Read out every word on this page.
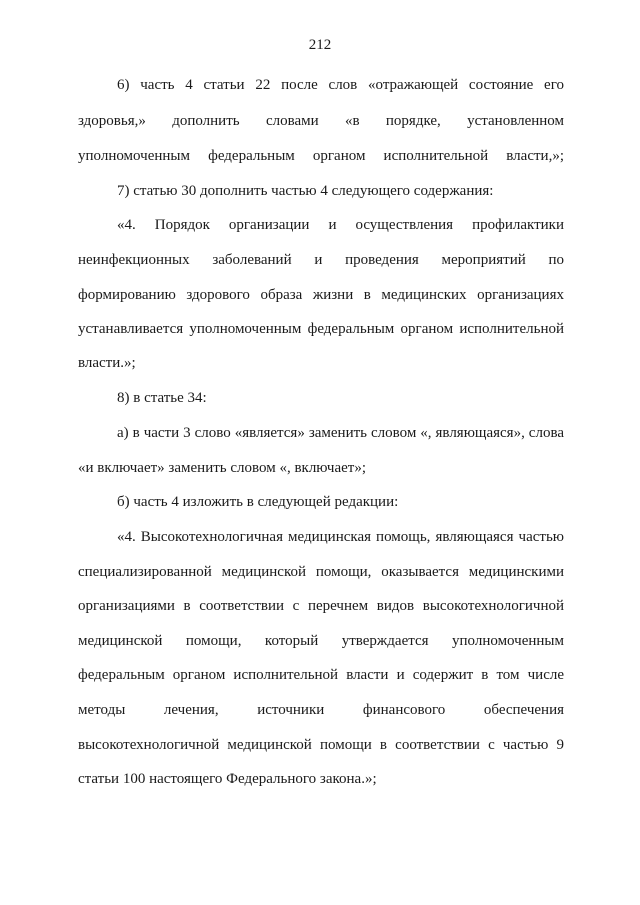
212
6) часть 4 статьи 22 после слов «отражающей состояние его
здоровья,» дополнить словами «в порядке, установленном
уполномоченным федеральным органом исполнительной власти,»;
7) статью 30 дополнить частью 4 следующего содержания:
«4. Порядок организации и осуществления профилактики
неинфекционных заболеваний и проведения мероприятий по
формированию здорового образа жизни в медицинских организациях
устанавливается уполномоченным федеральным органом исполнительной
власти.»;
8) в статье 34:
а) в части 3 слово «является» заменить словом «, являющаяся», слова
«и включает» заменить словом «, включает»;
б) часть 4 изложить в следующей редакции:
«4. Высокотехнологичная медицинская помощь, являющаяся частью
специализированной медицинской помощи, оказывается медицинскими
организациями в соответствии с перечнем видов высокотехнологичной
медицинской помощи, который утверждается уполномоченным
федеральным органом исполнительной власти и содержит в том числе
методы лечения, источники финансового обеспечения
высокотехнологичной медицинской помощи в соответствии с частью 9
статьи 100 настоящего Федерального закона.»;
